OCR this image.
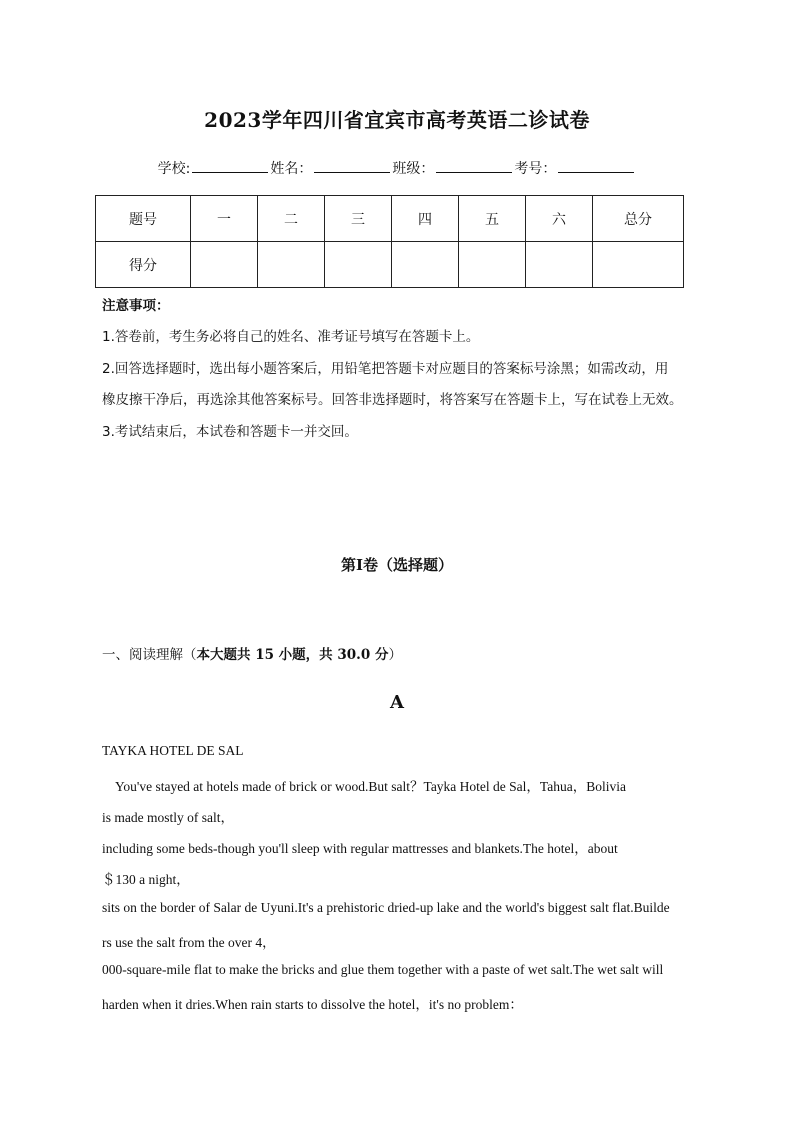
2023学年四川省宜宾市高考英语二诊试卷
学校:	姓名：	班级：	考号：
题号	一	二	三	四	五	六	总分
得分							
注意事项：
1.答卷前，考生务必将自己的姓名、准考证号填写在答题卡上。
2.回答选择题时，选出每小题答案后，用铅笔把答题卡对应题目的答案标号涂黑；如需改动，用
橡皮擦干净后，再选涂其他答案标号。回答非选择题时，将答案写在答题卡上，写在试卷上无效。
3.考试结束后，本试卷和答题卡一并交回。
第Ⅰ卷（选择题）
一、阅读理解（本大题共 15 小题，共 30.0 分）
A
TAYKA HOTEL DE SAL
You've stayed at hotels made of brick or wood.But salt？Tayka Hotel de Sal，Tahua，Bolivia
is made mostly of salt，
including some beds-though you'll sleep with regular mattresses and blankets.The hotel，about
＄130 a night，
sits on the border of Salar de Uyuni.It's a prehistoric dried-up lake and the world's biggest salt flat.Builde
rs use the salt from the over 4，
000-square-mile flat to make the bricks and glue them together with a paste of wet salt.The wet salt will
harden when it dries.When rain starts to dissolve the hotel，it's no problem：
